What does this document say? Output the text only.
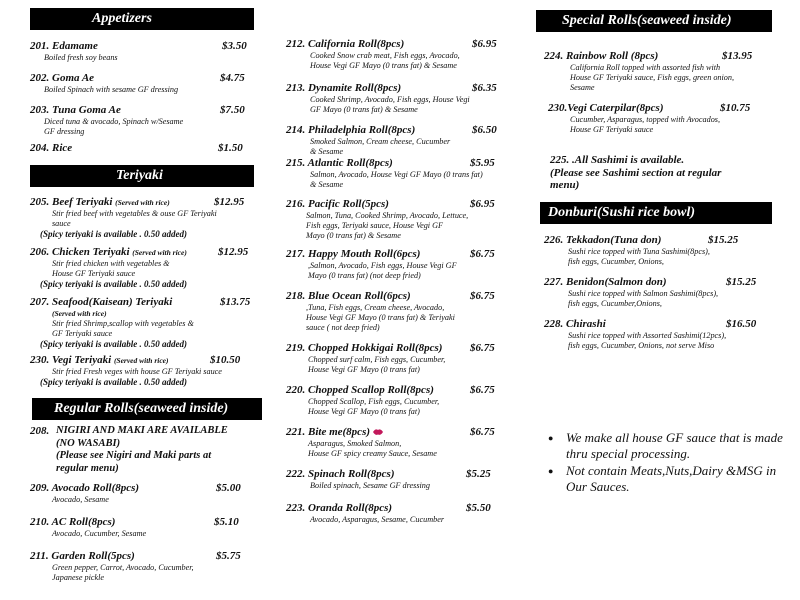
Appetizers
201. Edamame	$3.50
Boiled fresh soy beans
202. Goma Ae	$4.75
Boiled Spinach with sesame GF dressing
203. Tuna Goma Ae	$7.50
Diced tuna & avocado, Spinach w/Sesame
GF dressing
204. Rice	$1.50
Teriyaki
205. Beef Teriyaki (Served with rice)	$12.95
Stir fried beef with vegetables & ouse GF Teriyaki
sauce
(Spicy teriyaki is available . 0.50 added)
206. Chicken Teriyaki (Served with rice)	$12.95
Stir fried chicken with vegetables &
House GF Teriyaki sauce
(Spicy teriyaki is available . 0.50 added)
207. Seafood(Kaisean) Teriyaki	$13.75
(Served with rice)
Stir fried Shrimp,scallop with vegetables &
GF Teriyaki sauce
(Spicy teriyaki is available . 0.50 added)
230. Vegi Teriyaki (Served with rice)	$10.50
Stir fried Fresh veges with house GF Teriyaki sauce
(Spicy teriyaki is available . 0.50 added)
Regular Rolls(seaweed inside)
208. NIGIRI AND MAKI ARE AVAILABLE
(NO WASABI)
(Please see Nigiri and Maki parts at
regular menu)
209. Avocado Roll(8pcs)	$5.00
Avocado, Sesame
210. AC Roll(8pcs)	$5.10
Avocado, Cucumber, Sesame
211. Garden Roll(5pcs)	$5.75
Green pepper, Carrot, Avocado, Cucumber,
Japanese pickle
212. California Roll(8pcs)	$6.95
Cooked Snow crab meat, Fish eggs, Avocado,
House Vegi GF Mayo (0 trans fat) & Sesame
213. Dynamite Roll(8pcs)	$6.35
Cooked Shrimp, Avocado, Fish eggs, House Vegi
GF Mayo (0 trans fat) & Sesame
214. Philadelphia Roll(8pcs)	$6.50
Smoked Salmon, Cream cheese, Cucumber
& Sesame
215. Atlantic Roll(8pcs)	$5.95
Salmon, Avocado, House Vegi GF Mayo (0 trans fat)
& Sesame
216. Pacific Roll(5pcs)	$6.95
Salmon, Tuna, Cooked Shrimp, Avocado, Lettuce,
Fish eggs, Teriyaki sauce, House Vegi GF
Mayo (0 trans fat) & Sesame
217. Happy Mouth Roll(6pcs)	$6.75
,Salmon, Avocado, Fish eggs, House Vegi GF
Mayo (0 trans fat) (not deep fried)
218. Blue Ocean Roll(6pcs)	$6.75
,Tuna, Fish eggs, Cream cheese, Avocado,
House Vegi GF Mayo (0 trans fat) & Teriyaki
sauce ( not deep fried)
219. Chopped Hokkigai Roll(8pcs)	$6.75
Chopped surf calm, Fish eggs, Cucumber,
House Vegi GF Mayo (0 trans fat)
220. Chopped Scallop Roll(8pcs)	$6.75
Chopped Scallop, Fish eggs, Cucumber,
House Vegi GF Mayo (0 trans fat)
221. Bite me(8pcs)	$6.75
Asparagus, Smoked Salmon,
House GF spicy creamy Sauce, Sesame
222. Spinach Roll(8pcs)	$5.25
Boiled spinach, Sesame GF dressing
223. Oranda Roll(8pcs)	$5.50
Avocado, Asparagus, Sesame, Cucumber
Special Rolls(seaweed inside)
224. Rainbow Roll (8pcs)	$13.95
California Roll topped with assorted fish with
House GF Teriyaki sauce, Fish eggs, green onion,
Sesame
230.Vegi Caterpilar(8pcs)	$10.75
Cucumber, Asparagus, topped with Avocados,
House GF Teriyaki sauce
225. .All Sashimi is available.
(Please see Sashimi section at regular
menu)
Donburi(Sushi rice bowl)
226. Tekkadon(Tuna don)	$15.25
Sushi rice topped with Tuna Sashimi(8pcs),
fish eggs, Cucumber, Onions,
227. Benidon(Salmon don)	$15.25
Sushi rice topped with Salmon Sashimi(8pcs),
fish eggs, Cucumber,Onions,
228. Chirashi	$16.50
Sushi rice topped with Assorted Sashimi(12pcs),
fish eggs, Cucumber, Onions, not serve Miso
● We make all house GF sauce that is made thru special processing.
● Not contain Meats,Nuts,Dairy &MSG in Our Sauces.
